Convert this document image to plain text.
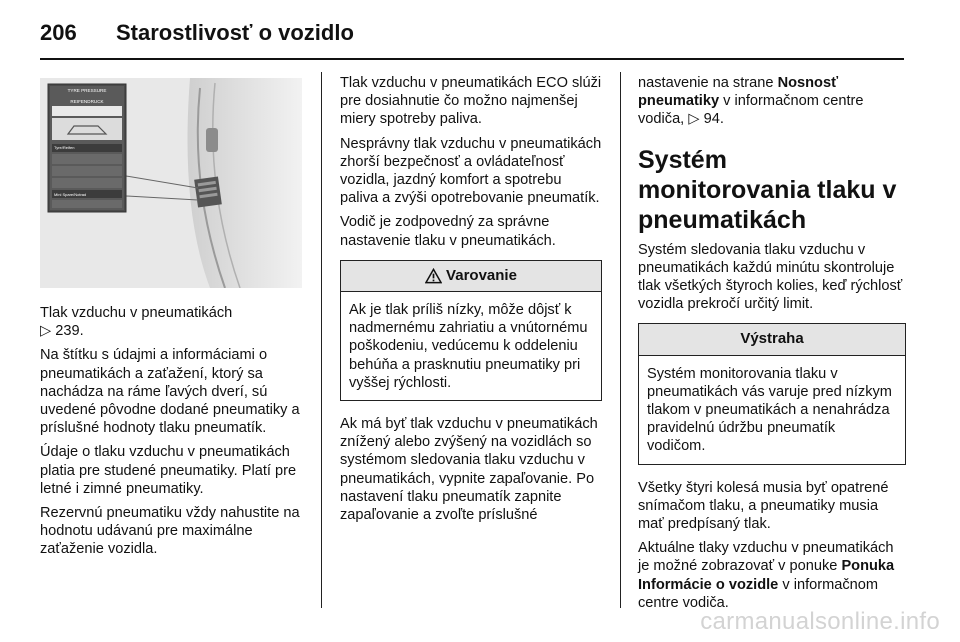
206	Starostlivosť o vozidlo
TYRE PRESSURE
REIFENDRUCK
Tyre/Reifen
Mini Spare/Notrad

Tlak vzduchu v pneumatikách
▷ 239.

Na štítku s údajmi a informáciami o pneumatikách a zaťažení, ktorý sa nachádza na ráme ľavých dverí, sú uvedené pôvodne dodané pneumatiky a príslušné hodnoty tlaku pneumatík.

Údaje o tlaku vzduchu v pneumatikách platia pre studené pneumatiky. Platí pre letné i zimné pneumatiky.

Rezervnú pneumatiku vždy nahustite na hodnotu udávanú pre maximálne zaťaženie vozidla.

Tlak vzduchu v pneumatikách ECO slúži pre dosiahnutie čo možno najmenšej miery spotreby paliva.

Nesprávny tlak vzduchu v pneumatikách zhorší bezpečnosť a ovládateľnosť vozidla, jazdný komfort a spotrebu paliva a zvýši opotrebovanie pneumatík.

Vodič je zodpovedný za správne nastavenie tlaku v pneumatikách.

Varovanie
Ak je tlak príliš nízky, môže dôjsť k nadmernému zahriatiu a vnútornému poškodeniu, vedúcemu k oddeleniu behúňa a prasknutiu pneumatiky pri vyššej rýchlosti.

Ak má byť tlak vzduchu v pneumatikách znížený alebo zvýšený na vozidlách so systémom sledovania tlaku vzduchu v pneumatikách, vypnite zapaľovanie. Po nastavení tlaku pneumatík zapnite zapaľovanie a zvoľte príslušné

nastavenie na strane Nosnosť pneumatiky v informačnom centre vodiča, ▷ 94.

Systém monitorovania tlaku v pneumatikách

Systém sledovania tlaku vzduchu v pneumatikách každú minútu skontroluje tlak všetkých štyroch kolies, keď rýchlosť vozidla prekročí určitý limit.

Výstraha
Systém monitorovania tlaku v pneumatikách vás varuje pred nízkym tlakom v pneumatikách a nenahrádza pravidelnú údržbu pneumatík vodičom.

Všetky štyri kolesá musia byť opatrené snímačom tlaku, a pneumatiky musia mať predpísaný tlak.

Aktuálne tlaky vzduchu v pneumatikách je možné zobrazovať v ponuke Ponuka Informácie o vozidle v informačnom centre vodiča.

carmanualsonline.info
